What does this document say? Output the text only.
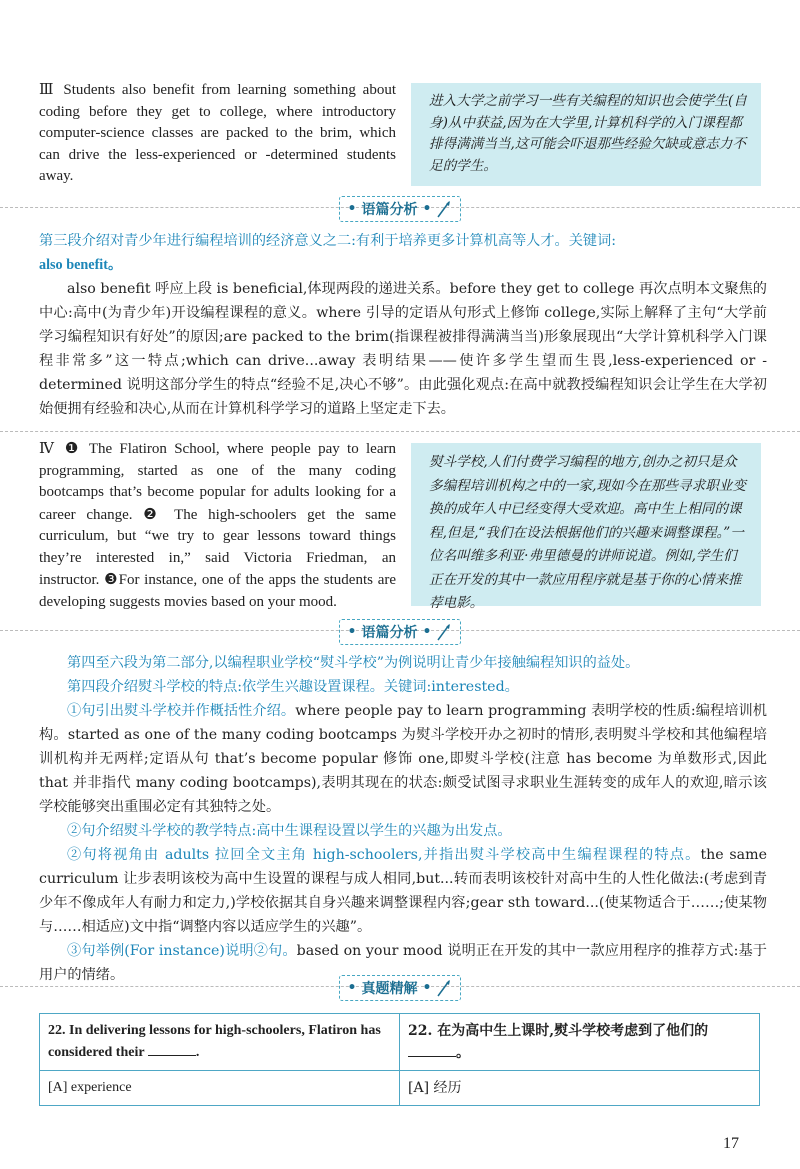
Ⅲ Students also benefit from learning something about coding before they get to college, where introductory computer-science classes are packed to the brim, which can drive the less-experienced or -determined students away.
进入大学之前学习一些有关编程的知识也会使学生(自身)从中获益,因为在大学里,计算机科学的入门课程都排得满满当当,这可能会吓退那些经验欠缺或意志力不足的学生。
• 语篇分析 •

第三段介绍对青少年进行编程培训的经济意义之二:有利于培养更多计算机高等人才。关键词:
also benefit。

also benefit 呼应上段 is beneficial,体现两段的递进关系。before they get to college 再次点明本文聚焦的中心:高中(为青少年)开设编程课程的意义。where 引导的定语从句形式上修饰 college,实际上解释了主句“大学前学习编程知识有好处”的原因;are packed to the brim(指课程被排得满满当当)形象展现出“大学计算机科学入门课程非常多”这一特点;which can drive...away 表明结果——使许多学生望而生畏,less-experienced or -determined 说明这部分学生的特点“经验不足,决心不够”。由此强化观点:在高中就教授编程知识会让学生在大学初始便拥有经验和决心,从而在计算机科学学习的道路上坚定走下去。

Ⅳ ❶ The Flatiron School, where people pay to learn programming, started as one of the many coding bootcamps that’s become popular for adults looking for a career change. ❷ The high-schoolers get the same curriculum, but “we try to gear lessons toward things they’re interested in,” said Victoria Friedman, an instructor. ❸For instance, one of the apps the students are developing suggests movies based on your mood.
熨斗学校,人们付费学习编程的地方,创办之初只是众多编程培训机构之中的一家,现如今在那些寻求职业变换的成年人中已经变得大受欢迎。高中生上相同的课程,但是,“我们在设法根据他们的兴趣来调整课程。”一位名叫维多利亚·弗里德曼的讲师说道。例如,学生们正在开发的其中一款应用程序就是基于你的心情来推荐电影。
• 语篇分析 •

第四至六段为第二部分,以编程职业学校“熨斗学校”为例说明让青少年接触编程知识的益处。

第四段介绍熨斗学校的特点:依学生兴趣设置课程。关键词:interested。

①句引出熨斗学校并作概括性介绍。where people pay to learn programming 表明学校的性质:编程培训机构。started as one of the many coding bootcamps 为熨斗学校开办之初时的情形,表明熨斗学校和其他编程培训机构并无两样;定语从句 that’s become popular 修饰 one,即熨斗学校(注意 has become 为单数形式,因此 that 并非指代 many coding bootcamps),表明其现在的状态:颇受试图寻求职业生涯转变的成年人的欢迎,暗示该学校能够突出重围必定有其独特之处。

②句介绍熨斗学校的教学特点:高中生课程设置以学生的兴趣为出发点。

②句将视角由 adults 拉回全文主角 high-schoolers,并指出熨斗学校高中生编程课程的特点。the same curriculum 让步表明该校为高中生设置的课程与成人相同,but...转而表明该校针对高中生的人性化做法:(考虑到青少年不像成年人有耐力和定力,)学校依据其自身兴趣来调整课程内容;gear sth toward...(使某物适合于……;使某物与……相适应)文中指“调整内容以适应学生的兴趣”。

③句举例(For instance)说明②句。based on your mood 说明正在开发的其中一款应用程序的推荐方式:基于用户的情绪。

• 真题精解 •
22. In delivering lessons for high-schoolers, Flatiron has considered their .	22. 在为高中生上课时,熨斗学校考虑到了他们的。
[A] experience	[A] 经历
17
